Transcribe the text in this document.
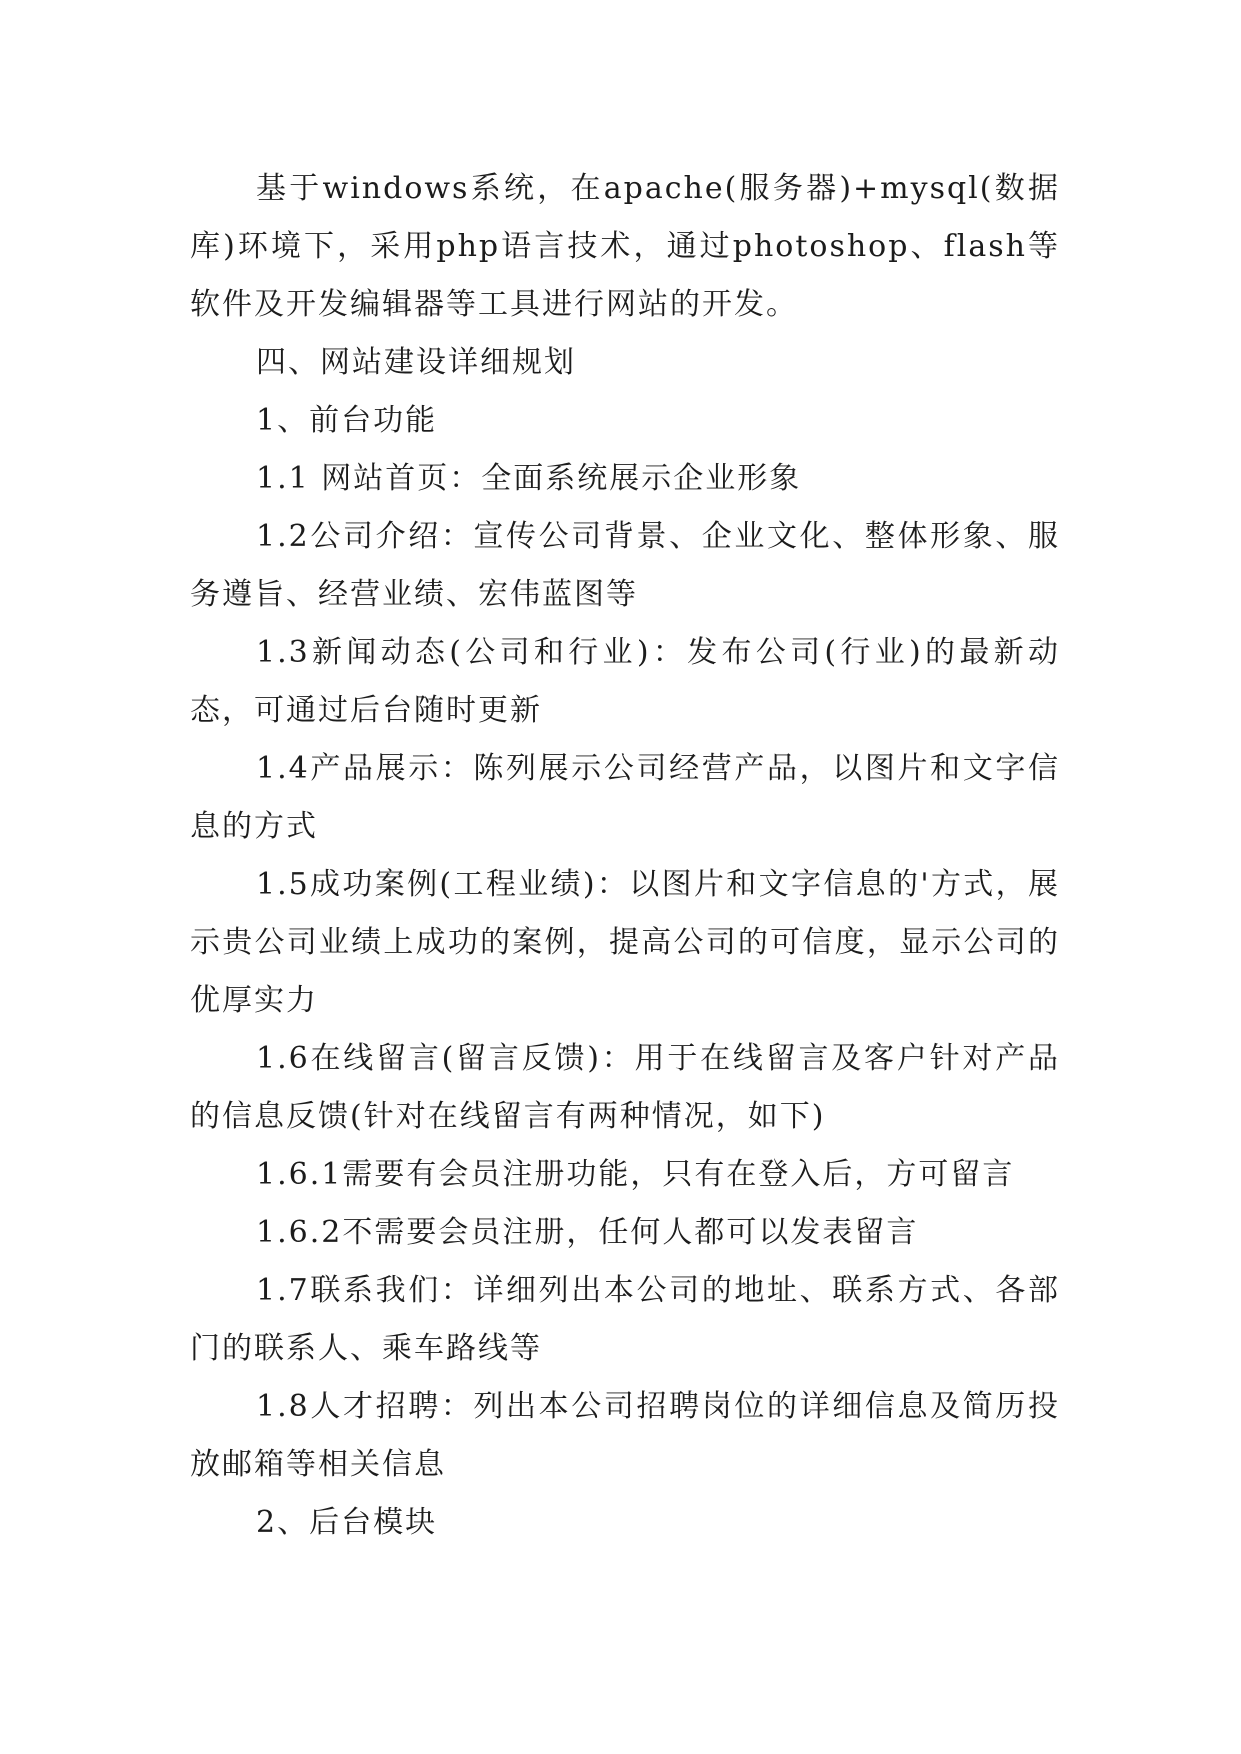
基于windows系统，在apache(服务器)+mysql(数据库)环境下，采用php语言技术，通过photoshop、flash等软件及开发编辑器等工具进行网站的开发。

四、网站建设详细规划

1、前台功能

1.1 网站首页：全面系统展示企业形象

1.2公司介绍：宣传公司背景、企业文化、整体形象、服务遵旨、经营业绩、宏伟蓝图等

1.3新闻动态(公司和行业)：发布公司(行业)的最新动态，可通过后台随时更新

1.4产品展示：陈列展示公司经营产品，以图片和文字信息的方式

1.5成功案例(工程业绩)：以图片和文字信息的'方式，展示贵公司业绩上成功的案例，提高公司的可信度，显示公司的优厚实力

1.6在线留言(留言反馈)：用于在线留言及客户针对产品的信息反馈(针对在线留言有两种情况，如下)

1.6.1需要有会员注册功能，只有在登入后，方可留言

1.6.2不需要会员注册，任何人都可以发表留言

1.7联系我们：详细列出本公司的地址、联系方式、各部门的联系人、乘车路线等

1.8人才招聘：列出本公司招聘岗位的详细信息及简历投放邮箱等相关信息

2、后台模块
